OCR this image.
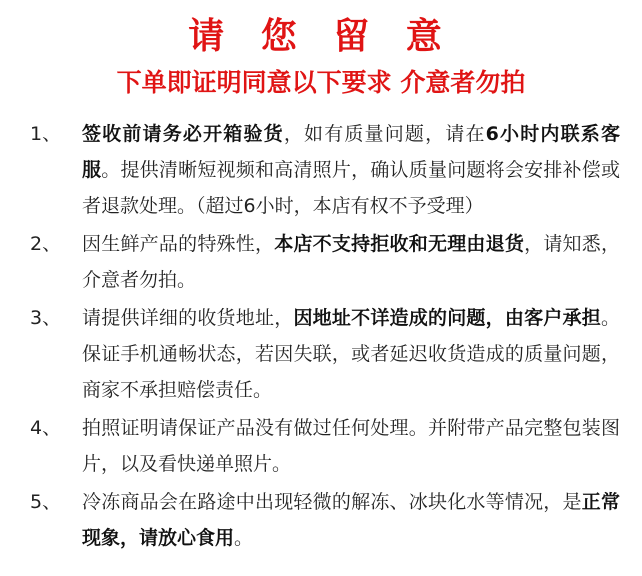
请 您 留 意
下单即证明同意以下要求 介意者勿拍
1、	签收前请务必开箱验货，如有质量问题，请在6小时内联系客服。提供清晰短视频和高清照片，确认质量问题将会安排补偿或者退款处理。（超过6小时，本店有权不予受理）
2、	因生鲜产品的特殊性，本店不支持拒收和无理由退货，请知悉，介意者勿拍。
3、	请提供详细的收货地址，因地址不详造成的问题，由客户承担。保证手机通畅状态，若因失联，或者延迟收货造成的质量问题，商家不承担赔偿责任。
4、	拍照证明请保证产品没有做过任何处理。并附带产品完整包装图片，以及看快递单照片。
5、	冷冻商品会在路途中出现轻微的解冻、冰块化水等情况，是正常现象，请放心食用。
